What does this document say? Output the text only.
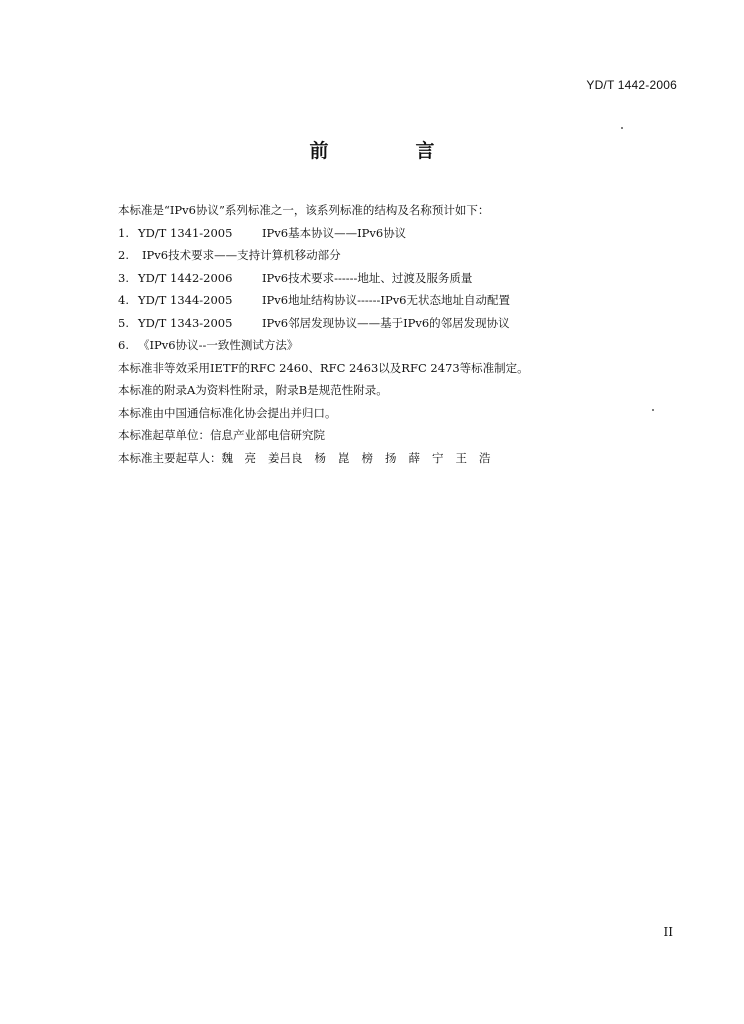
YD/T 1442-2006
前　言
本标准是“IPv6协议”系列标准之一，该系列标准的结构及名称预计如下：
1. YD/T 1341-2005	IPv6基本协议——IPv6协议
2. IPv6技术要求——支持计算机移动部分
3. YD/T 1442-2006	IPv6技术要求------地址、过渡及服务质量
4. YD/T 1344-2005	IPv6地址结构协议------IPv6无状态地址自动配置
5. YD/T 1343-2005	IPv6邻居发现协议——基于IPv6的邻居发现协议
6. 《IPv6协议--一致性测试方法》
本标准非等效采用IETF的RFC 2460、RFC 2463以及RFC 2473等标准制定。
本标准的附录A为资料性附录，附录B是规范性附录。
本标准由中国通信标准化协会提出并归口。
本标准起草单位：信息产业部电信研究院
本标准主要起草人：魏　亮 姜吕良 杨 崑 榜 扬 薛 宁 王 浩
II
